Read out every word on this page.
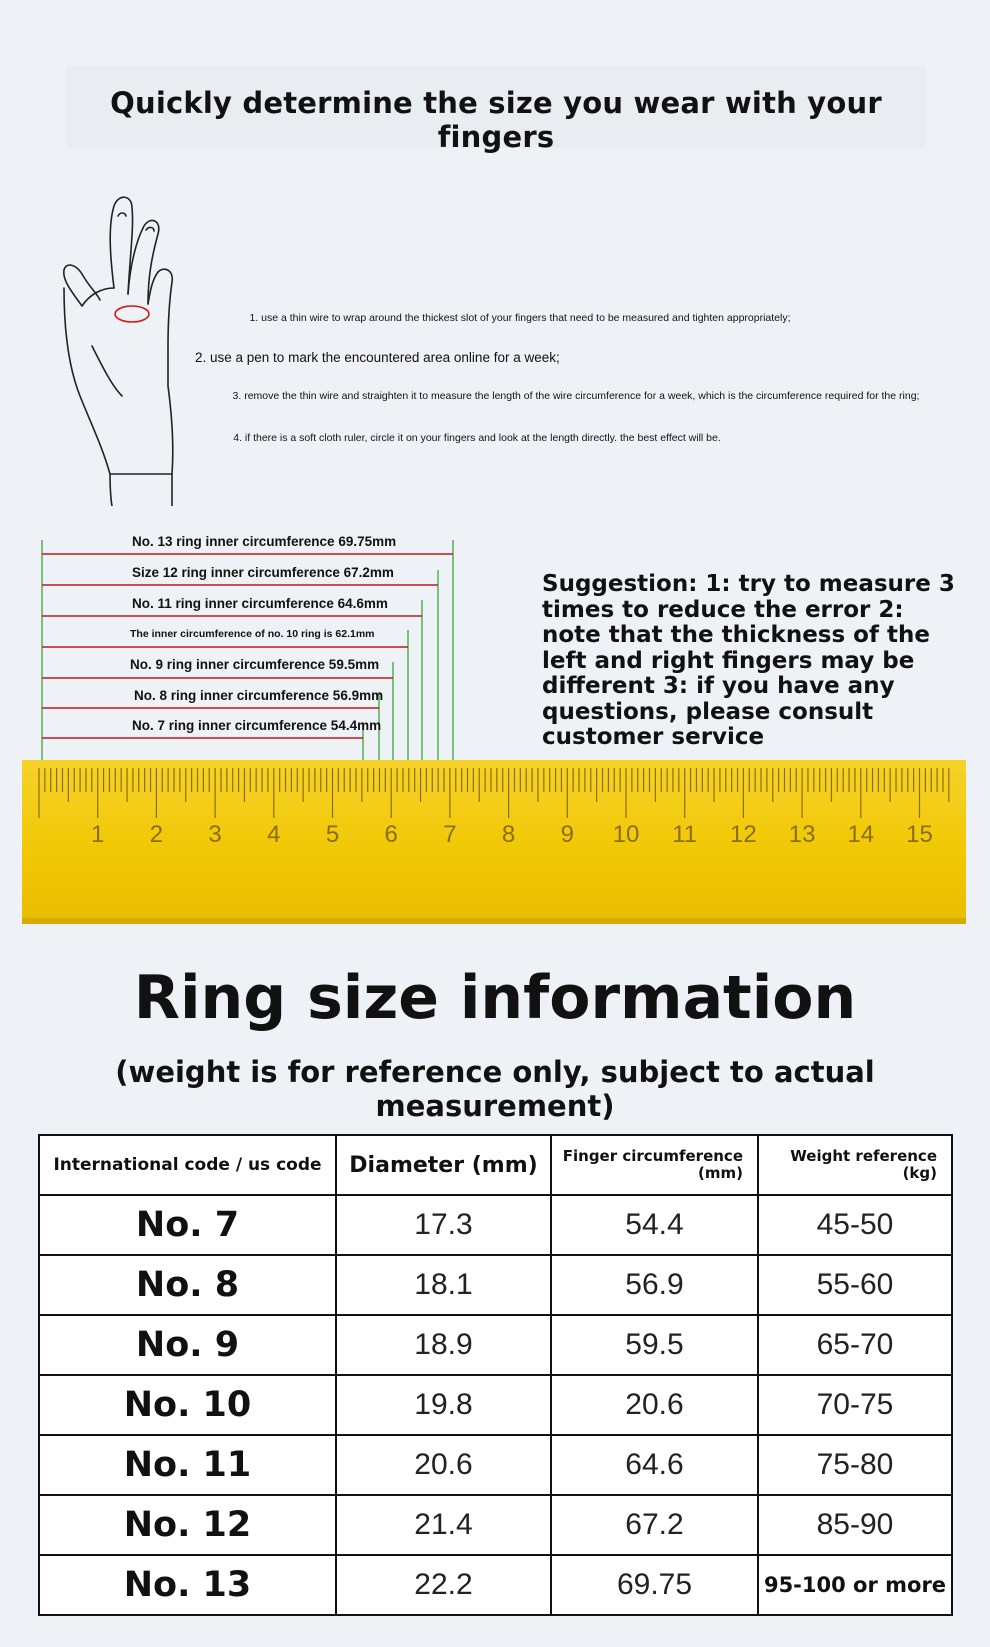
Quickly determine the size you wear with your fingers
1. use a thin wire to wrap around the thickest slot of your fingers that need to be measured and tighten appropriately;
2. use a pen to mark the encountered area online for a week;
3. remove the thin wire and straighten it to measure the length of the wire circumference for a week, which is the circumference required for the ring;
4. if there is a soft cloth ruler, circle it on your fingers and look at the length directly. the best effect will be.
No. 13 ring inner circumference 69.75mm
Size 12 ring inner circumference 67.2mm
No. 11 ring inner circumference 64.6mm
The inner circumference of no. 10 ring is 62.1mm
No. 9 ring inner circumference 59.5mm
No. 8 ring inner circumference 56.9mm
No. 7 ring inner circumference 54.4mm
Suggestion: 1: try to measure 3 times to reduce the error 2: note that the thickness of the left and right fingers may be different 3: if you have any questions, please consult customer service
1 2 3 4 5 6 7 8 9 10 11 12 13 14 15
Ring size information
(weight is for reference only, subject to actual measurement)
International code / us code	Diameter (mm)	Finger circumference (mm)	Weight reference (kg)
No. 7	17.3	54.4	45-50
No. 8	18.1	56.9	55-60
No. 9	18.9	59.5	65-70
No. 10	19.8	20.6	70-75
No. 11	20.6	64.6	75-80
No. 12	21.4	67.2	85-90
No. 13	22.2	69.75	95-100 or more
